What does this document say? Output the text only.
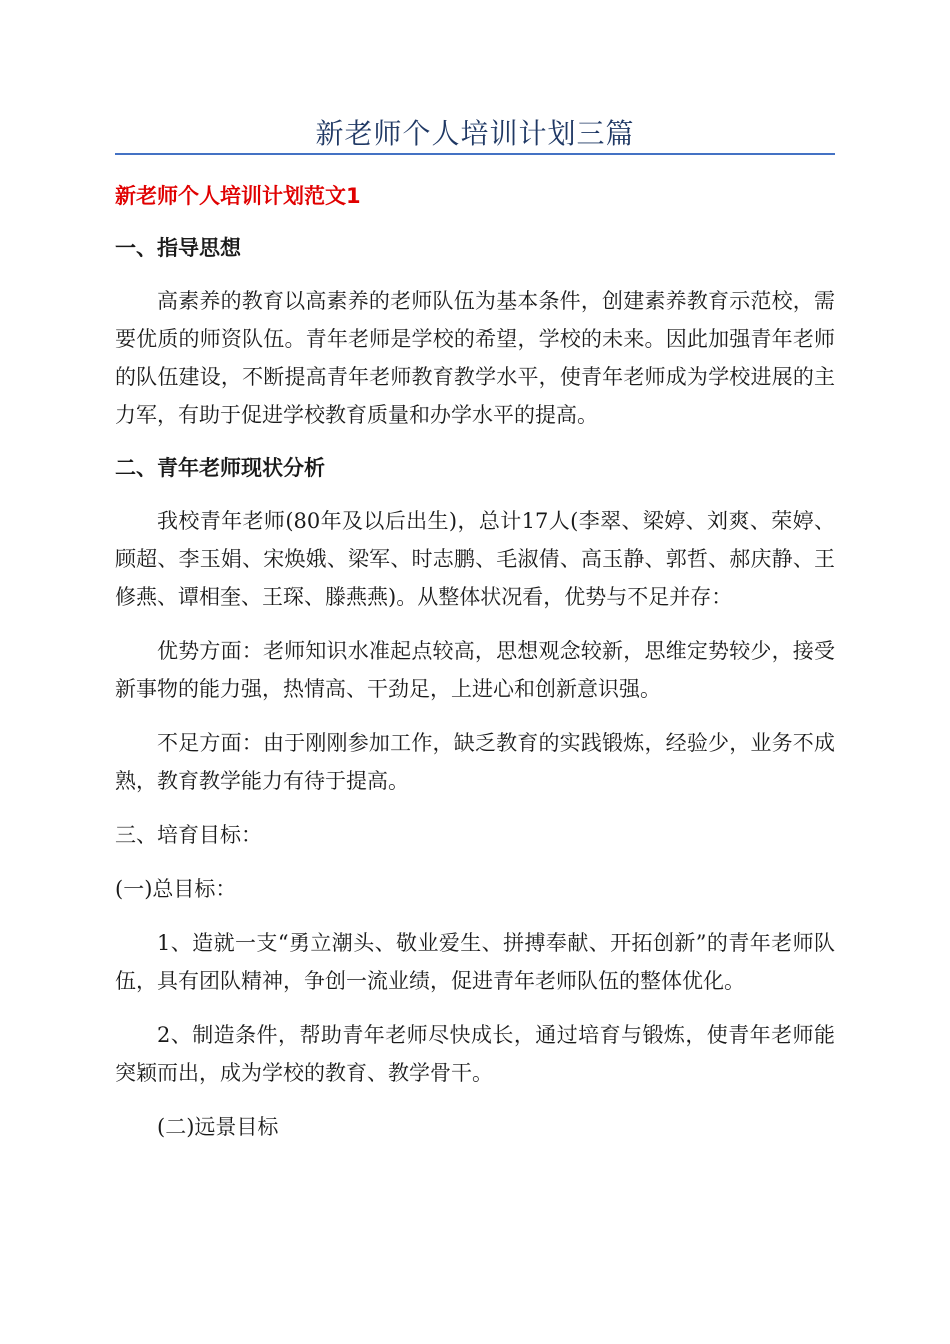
新老师个人培训计划三篇

新老师个人培训计划范文1

一、指导思想

高素养的教育以高素养的老师队伍为基本条件，创建素养教育示范校，需要优质的师资队伍。青年老师是学校的希望，学校的未来。因此加强青年老师的队伍建设，不断提高青年老师教育教学水平，使青年老师成为学校进展的主力军，有助于促进学校教育质量和办学水平的提高。

二、青年老师现状分析

我校青年老师(80年及以后出生)，总计17人(李翠、梁婷、刘爽、荣婷、顾超、李玉娟、宋焕娥、梁军、时志鹏、毛淑倩、高玉静、郭哲、郝庆静、王修燕、谭相奎、王琛、滕燕燕)。从整体状况看，优势与不足并存：

优势方面：老师知识水准起点较高，思想观念较新，思维定势较少，接受新事物的能力强，热情高、干劲足，上进心和创新意识强。

不足方面：由于刚刚参加工作，缺乏教育的实践锻炼，经验少，业务不成熟，教育教学能力有待于提高。

三、培育目标：

(一)总目标：

1、造就一支“勇立潮头、敬业爱生、拼搏奉献、开拓创新”的青年老师队伍，具有团队精神，争创一流业绩，促进青年老师队伍的整体优化。

2、制造条件，帮助青年老师尽快成长，通过培育与锻炼，使青年老师能突颖而出，成为学校的教育、教学骨干。

(二)远景目标
